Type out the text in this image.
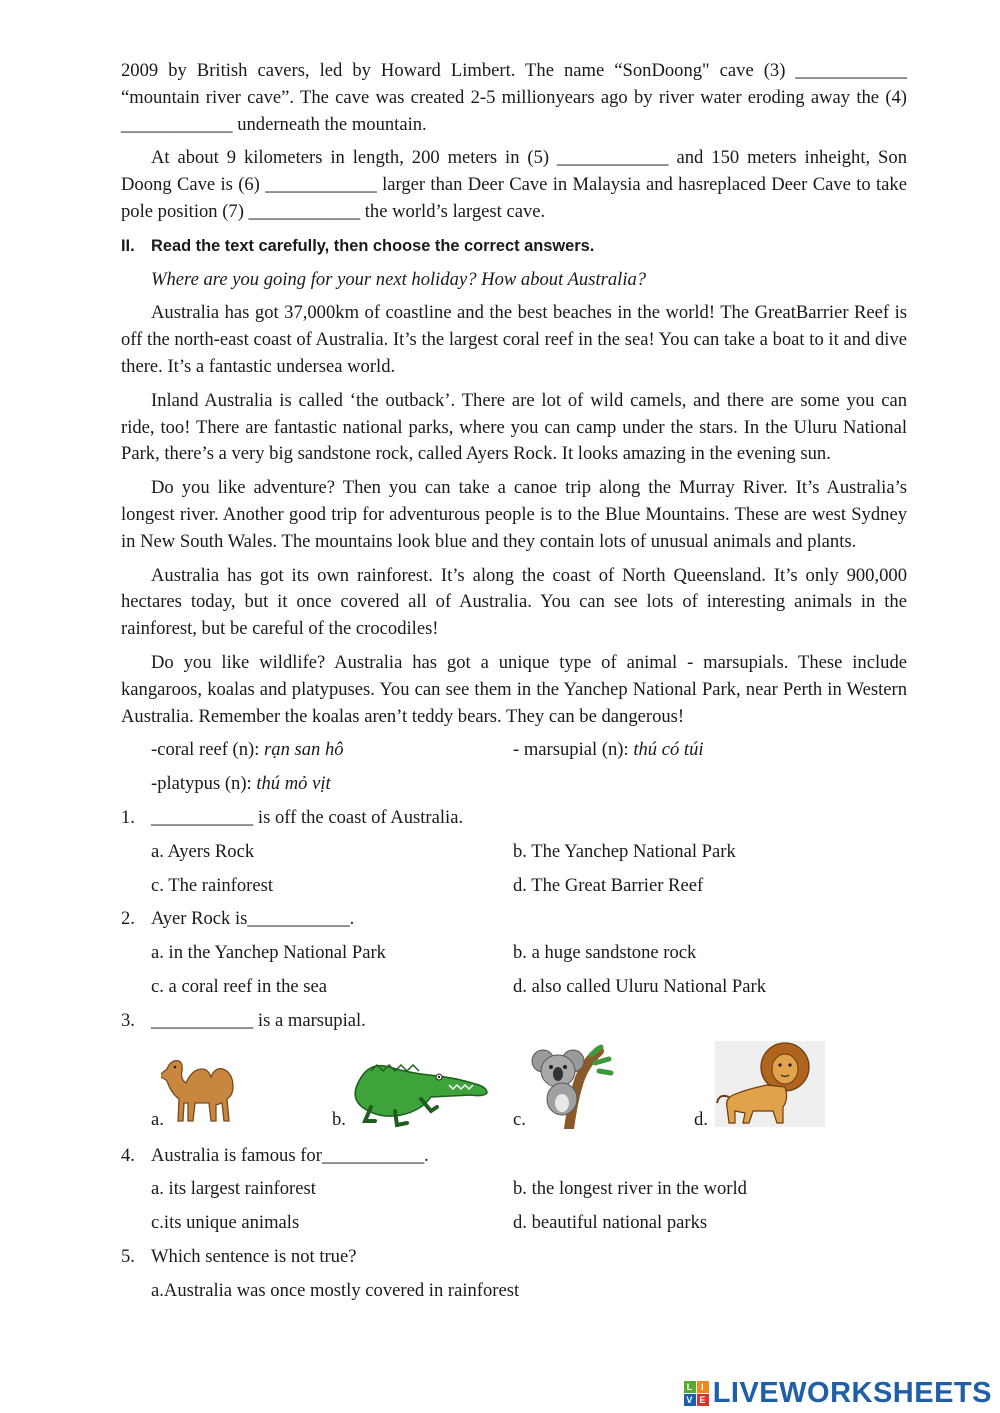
2009 by British cavers, led by Howard Limbert. The name “SonDoong" cave (3) ____________ “mountain river cave”. The cave was created 2-5 millionyears ago by river water eroding away the (4) ____________ underneath the mountain.

At about 9 kilometers in length, 200 meters in (5) ____________ and 150 meters inheight, Son Doong Cave is (6) ____________ larger than Deer Cave in Malaysia and hasreplaced Deer Cave to take pole position (7) ____________ the world’s largest cave.

II. Read the text carefully, then choose the correct answers.

Where are you going for your next holiday? How about Australia?

Australia has got 37,000km of coastline and the best beaches in the world! The GreatBarrier Reef is off the north-east coast of Australia. It’s the largest coral reef in the sea! You can take a boat to it and dive there. It’s a fantastic undersea world.

Inland Australia is called ‘the outback’. There are lot of wild camels, and there are some you can ride, too! There are fantastic national parks, where you can camp under the stars. In the Uluru National Park, there’s a very big sandstone rock, called Ayers Rock. It looks amazing in the evening sun.

Do you like adventure? Then you can take a canoe trip along the Murray River. It’s Australia’s longest river. Another good trip for adventurous people is to the Blue Mountains. These are west Sydney in New South Wales. The mountains look blue and they contain lots of unusual animals and plants.

Australia has got its own rainforest. It’s along the coast of North Queensland. It’s only 900,000 hectares today, but it once covered all of Australia. You can see lots of interesting animals in the rainforest, but be careful of the crocodiles!

Do you like wildlife? Australia has got a unique type of animal - marsupials. These include kangaroos, koalas and platypuses. You can see them in the Yanchep National Park, near Perth in Western Australia. Remember the koalas aren’t teddy bears. They can be dangerous!

-coral reef (n): rạn san hô	- marsupial (n): thú có túi
-platypus (n): thú mỏ vịt
1. ___________ is off the coast of Australia.
a. Ayers Rock	b. The Yanchep National Park
c. The rainforest	d. The Great Barrier Reef
2. Ayer Rock is___________.
a. in the Yanchep National Park	b. a huge sandstone rock
c. a coral reef in the sea	d. also called Uluru National Park
3. ___________ is a marsupial.
a.	b.	c.	d.
4. Australia is famous for___________.
a. its largest rainforest	b. the longest river in the world
c.its unique animals	d. beautiful national parks
5. Which sentence is not true?
a.Australia was once mostly covered in rainforest
L I
V E LIVEWORKSHEETS
